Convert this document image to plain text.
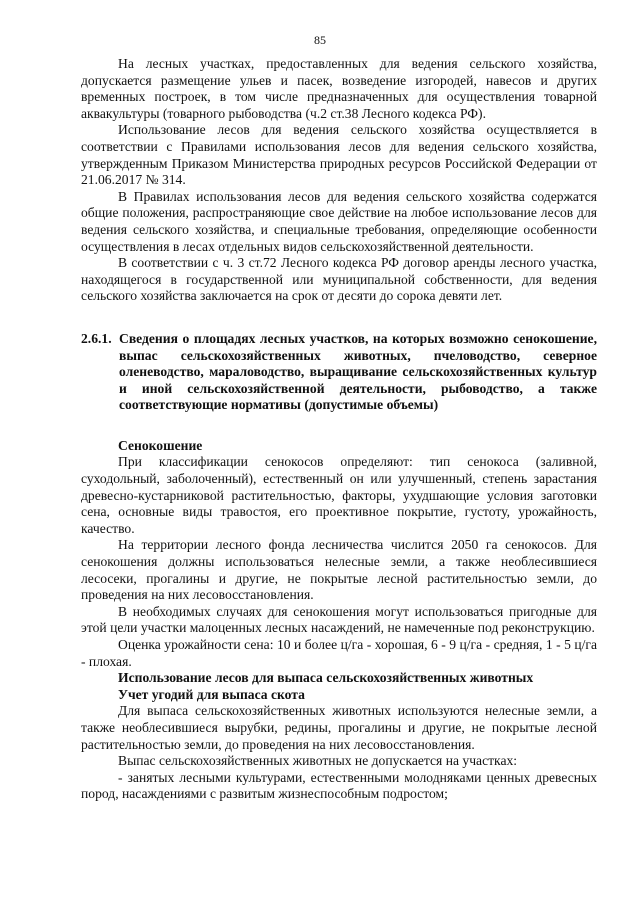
85

На лесных участках, предоставленных для ведения сельского хозяйства, допускается размещение ульев и пасек, возведение изгородей, навесов и других временных построек, в том числе предназначенных для осуществления товарной аквакультуры (товарного рыбоводства (ч.2 ст.38 Лесного кодекса РФ).

Использование лесов для ведения сельского хозяйства осуществляется в соответствии с Правилами использования лесов для ведения сельского хозяйства, утвержденным Приказом Министерства природных ресурсов Российской Федерации от 21.06.2017 № 314.

В Правилах использования лесов для ведения сельского хозяйства содержатся общие положения, распространяющие свое действие на любое использование лесов для ведения сельского хозяйства, и специальные требования, определяющие особенности осуществления в лесах отдельных видов сельскохозяйственной деятельности.

В соответствии с ч. 3 ст.72 Лесного кодекса РФ договор аренды лесного участка, находящегося в государственной или муниципальной собственности, для ведения сельского хозяйства заключается на срок от десяти до сорока девяти лет.

2.6.1. Сведения о площадях лесных участков, на которых возможно сенокошение, выпас сельскохозяйственных животных, пчеловодство, северное оленеводство, мараловодство, выращивание сельскохозяйственных культур и иной сельскохозяйственной деятельности, рыбоводство, а также соответствующие нормативы (допустимые объемы)
Сенокошение

При классификации сенокосов определяют: тип сенокоса (заливной, суходольный, заболоченный), естественный он или улучшенный, степень зарастания древесно-кустарниковой растительностью, факторы, ухудшающие условия заготовки сена, основные виды травостоя, его проективное покрытие, густоту, урожайность, качество.

На территории лесного фонда лесничества числится 2050 га сенокосов. Для сенокошения должны использоваться нелесные земли, а также необлесившиеся лесосеки, прогалины и другие, не покрытые лесной растительностью земли, до проведения на них лесовосстановления.

В необходимых случаях для сенокошения могут использоваться пригодные для этой цели участки малоценных лесных насаждений, не намеченные под реконструкцию.

Оценка урожайности сена: 10 и более ц/га - хорошая, 6 - 9 ц/га - средняя, 1 - 5 ц/га - плохая.

Использование лесов для выпаса сельскохозяйственных животных
Учет угодий для выпаса скота

Для выпаса сельскохозяйственных животных используются нелесные земли, а также необлесившиеся вырубки, редины, прогалины и другие, не покрытые лесной растительностью земли, до проведения на них лесовосстановления.

Выпас сельскохозяйственных животных не допускается на участках:

- занятых лесными культурами, естественными молодняками ценных древесных пород, насаждениями с развитым жизнеспособным подростом;
